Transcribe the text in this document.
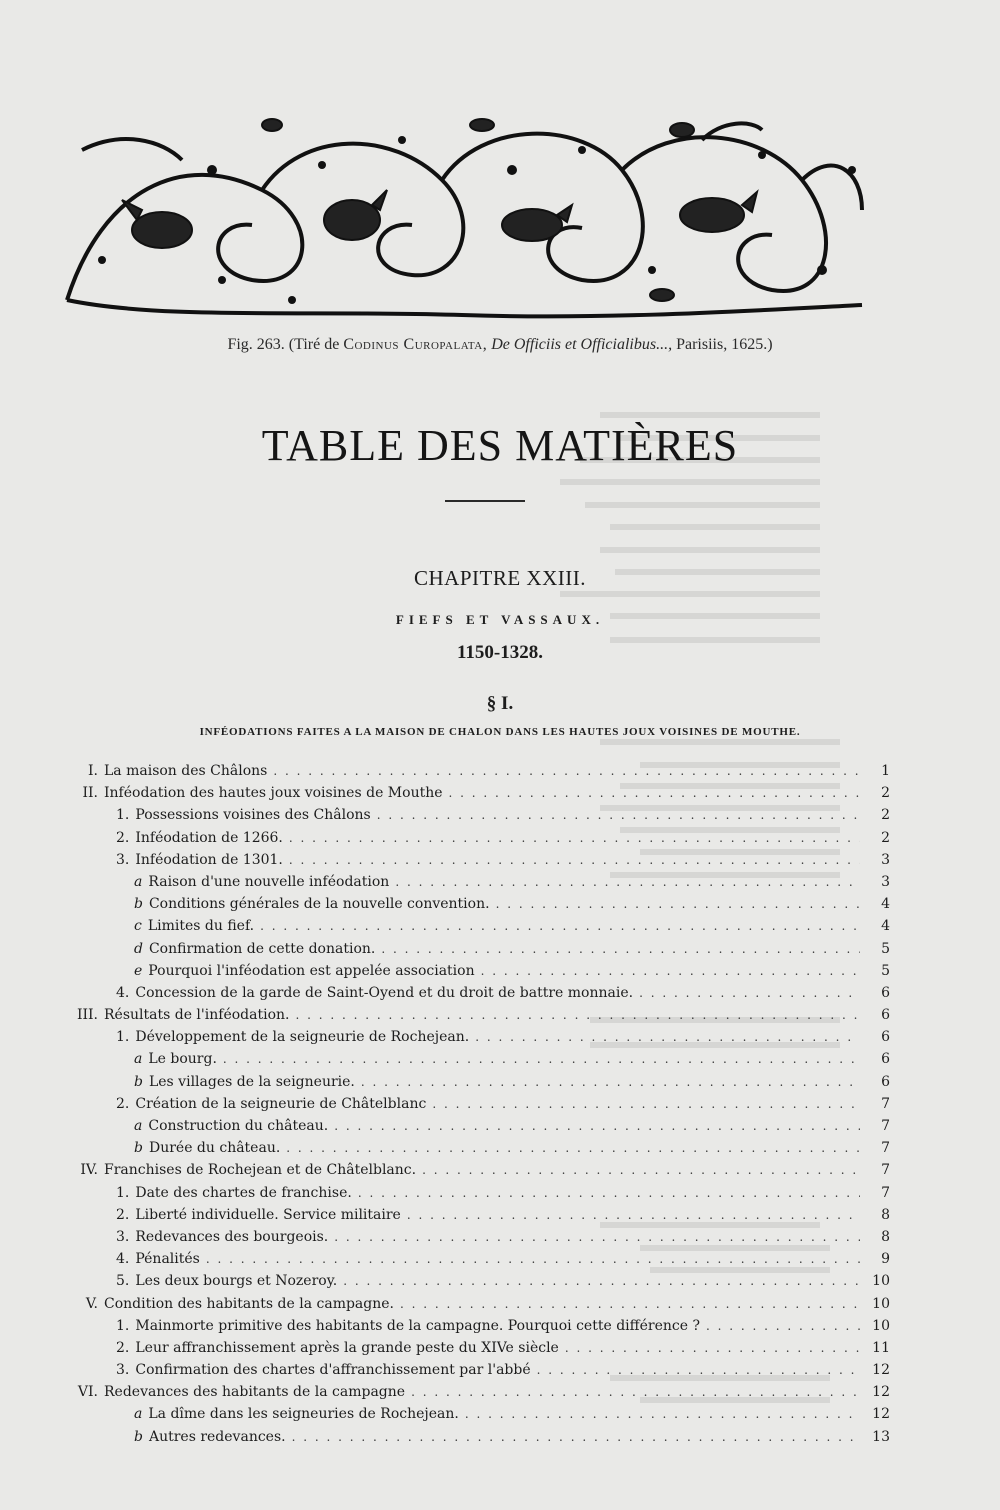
Fig. 263. (Tiré de Codinus Curopalata, De Officiis et Officialibus..., Parisiis, 1625.)
TABLE DES MATIÈRES
CHAPITRE XXIII.
FIEFS ET VASSAUX.
1150-1328.
§ I.
INFÉODATIONS FAITES A LA MAISON DE CHALON DANS LES HAUTES JOUX VOISINES DE MOUTHE.
I. La maison des Châlons . . .	1
II. Inféodation des hautes joux voisines de Mouthe . . .	2
1. Possessions voisines des Châlons . . .	2
2. Inféodation de 1266. . . .	2
3. Inféodation de 1301. . . .	3
a Raison d'une nouvelle inféodation . . .	3
b Conditions générales de la nouvelle convention. . . .	4
c Limites du fief. . . .	4
d Confirmation de cette donation. . . .	5
e Pourquoi l'inféodation est appelée association . . .	5
4. Concession de la garde de Saint-Oyend et du droit de battre monnaie. . . .	6
III. Résultats de l'inféodation. . . .	6
1. Développement de la seigneurie de Rochejean. . . .	6
a Le bourg. . . .	6
b Les villages de la seigneurie. . . .	6
2. Création de la seigneurie de Châtelblanc . . .	7
a Construction du château. . . .	7
b Durée du château. . . .	7
IV. Franchises de Rochejean et de Châtelblanc. . . .	7
1. Date des chartes de franchise. . . .	7
2. Liberté individuelle. Service militaire . . .	8
3. Redevances des bourgeois. . . .	8
4. Pénalités . . .	9
5. Les deux bourgs et Nozeroy. . . .	10
V. Condition des habitants de la campagne. . . .	10
1. Mainmorte primitive des habitants de la campagne. Pourquoi cette différence ? . . .	10
2. Leur affranchissement après la grande peste du XIVe siècle . . .	11
3. Confirmation des chartes d'affranchissement par l'abbé . . .	12
VI. Redevances des habitants de la campagne . . .	12
a La dîme dans les seigneuries de Rochejean. . . .	12
b Autres redevances. . . .	13
